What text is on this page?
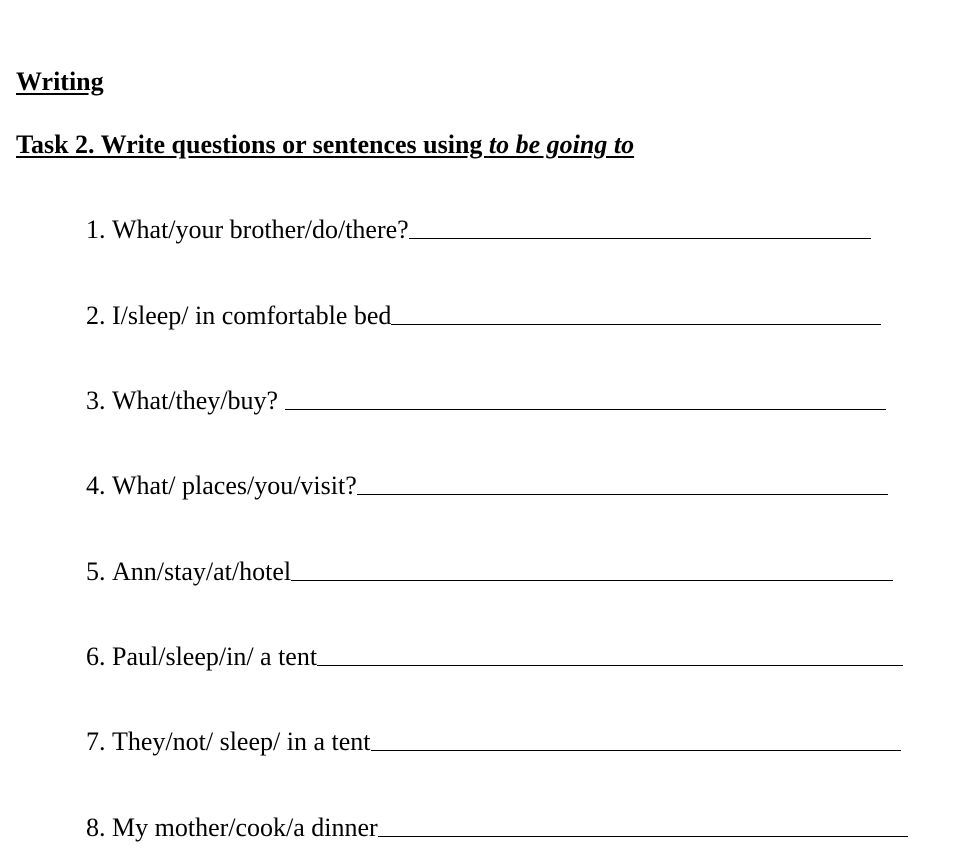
Writing
Task 2. Write questions or sentences using to be going to
1.
What/your brother/do/there?
2.
I/sleep/ in comfortable bed
3.
What/they/buy?

4.
What/ places/you/visit?
5.
Ann/stay/at/hotel
6.
Paul/sleep/in/ a tent
7.
They/not/ sleep/ in a tent
8.
My mother/cook/a dinner
